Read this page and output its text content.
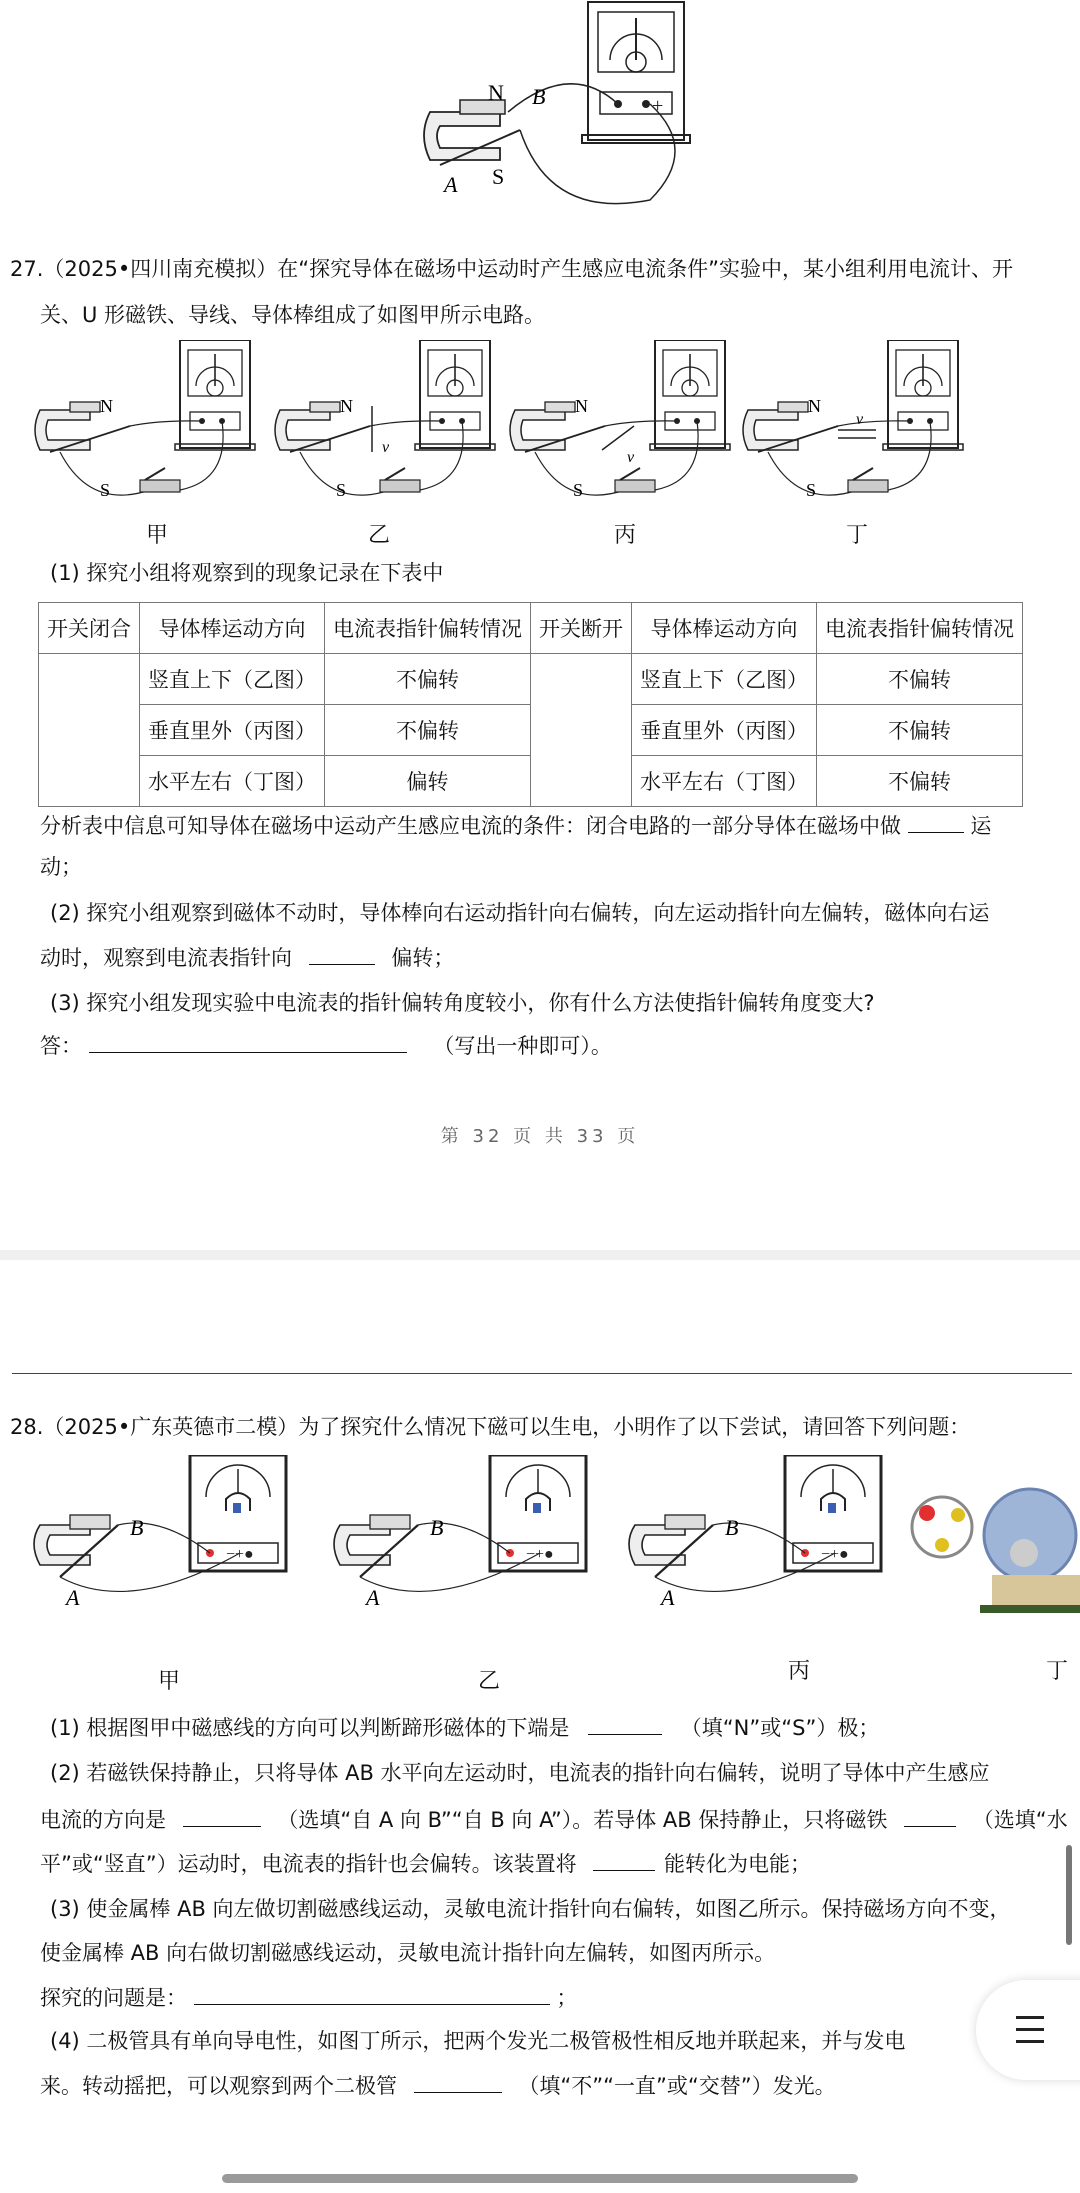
+
N B
A S
27.（2025•四川南充模拟）在“探究导体在磁场中运动时产生感应电流条件”实验中，某小组利用电流计、开
关、U 形磁铁、导线、导体棒组成了如图甲所示电路。
N	N	N	N
S	S	S	S
v
v
v
甲	乙	丙	丁
(1) 探究小组将观察到的现象记录在下表中
开关闭合	导体棒运动方向	电流表指针偏转情况	开关断开	导体棒运动方向	电流表指针偏转情况
	竖直上下（乙图）	不偏转		竖直上下（乙图）	不偏转
	垂直里外（丙图）	不偏转		垂直里外（丙图）	不偏转
	水平左右（丁图）	偏转		水平左右（丁图）	不偏转
分析表中信息可知导体在磁场中运动产生感应电流的条件：闭合电路的一部分导体在磁场中做	运
动；
(2) 探究小组观察到磁体不动时，导体棒向右运动指针向右偏转，向左运动指针向左偏转，磁体向右运
动时，观察到电流表指针向	偏转；
(3) 探究小组发现实验中电流表的指针偏转角度较小，你有什么方法使指针偏转角度变大?
答：	（写出一种即可）。
第 32 页 共 33 页
28.（2025•广东英德市二模）为了探究什么情况下磁可以生电，小明作了以下尝试，请回答下列问题：
B	B	B
A	A	A
甲	乙	丙	丁
(1) 根据图甲中磁感线的方向可以判断蹄形磁体的下端是	（填“N”或“S”）极；
(2) 若磁铁保持静止，只将导体 AB 水平向左运动时，电流表的指针向右偏转，说明了导体中产生感应
电流的方向是	（选填“自 A 向 B”“自 B 向 A”）。若导体 AB 保持静止，只将磁铁	（选填“水
平”或“竖直”）运动时，电流表的指针也会偏转。该装置将	能转化为电能；
(3) 使金属棒 AB 向左做切割磁感线运动，灵敏电流计指针向右偏转，如图乙所示。保持磁场方向不变，
使金属棒 AB 向右做切割磁感线运动，灵敏电流计指针向左偏转，如图丙所示。
探究的问题是：	；
(4) 二极管具有单向导电性，如图丁所示，把两个发光二极管极性相反地并联起来，并与发电
来。转动摇把，可以观察到两个二极管	（填“不”“一直”或“交替”）发光。
